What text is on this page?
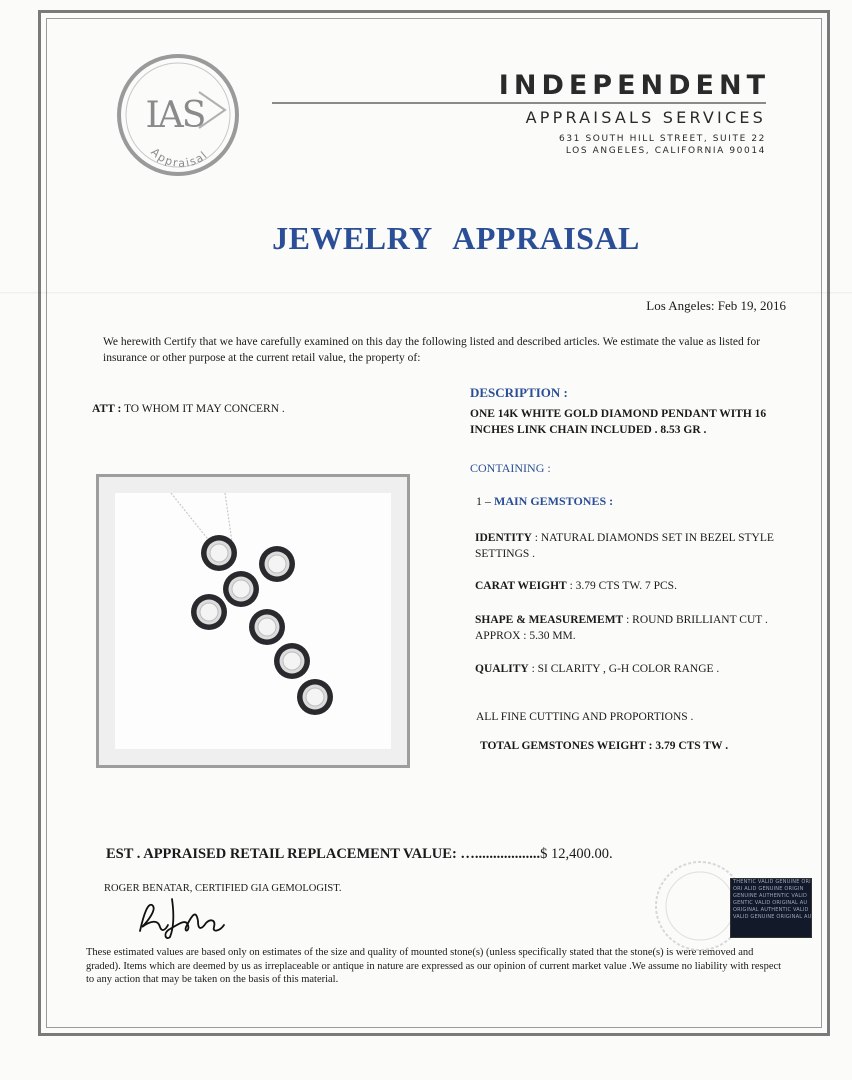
IAS
Appraisal
INDEPENDENT
APPRAISALS SERVICES
631 SOUTH HILL STREET, SUITE 22
LOS ANGELES, CALIFORNIA 90014
JEWELRY APPRAISAL
Los Angeles: Feb 19, 2016
We herewith Certify that we have carefully examined on this day the following listed and described articles. We estimate the value as listed for insurance or other purpose at the current retail value, the property of:
ATT : TO WHOM IT MAY CONCERN .
DESCRIPTION :
ONE 14K WHITE GOLD DIAMOND PENDANT WITH 16 INCHES LINK CHAIN INCLUDED . 8.53 GR .
CONTAINING :
1 – MAIN GEMSTONES :
IDENTITY : NATURAL DIAMONDS SET IN BEZEL STYLE SETTINGS .
CARAT WEIGHT : 3.79 CTS TW. 7 PCS.
SHAPE & MEASUREMEMT : ROUND BRILLIANT CUT . APPROX : 5.30 MM.
QUALITY : SI CLARITY , G-H COLOR RANGE .
ALL FINE CUTTING AND PROPORTIONS .
TOTAL GEMSTONES WEIGHT : 3.79 CTS TW .
EST . APPRAISED RETAIL REPLACEMENT VALUE: …..................$ 12,400.00.
ROGER BENATAR, CERTIFIED GIA GEMOLOGIST.
These estimated values are based only on estimates of the size and quality of mounted stone(s) (unless specifically stated that the stone(s) is were removed and graded). Items which are deemed by us as irreplaceable or antique in nature are expressed as our opinion of current market value .We assume no liability with respect to any action that may be taken on the basis of this material.
THENTIC VALID GENUINE ORI
ORI ALID GENUINE ORIGIN
GENUINE AUTHENTIC VALID
GENTIC VALID ORIGINAL AU
ORIGINAL AUTHENTIC VALID
VALID GENUINE ORIGINAL AU
